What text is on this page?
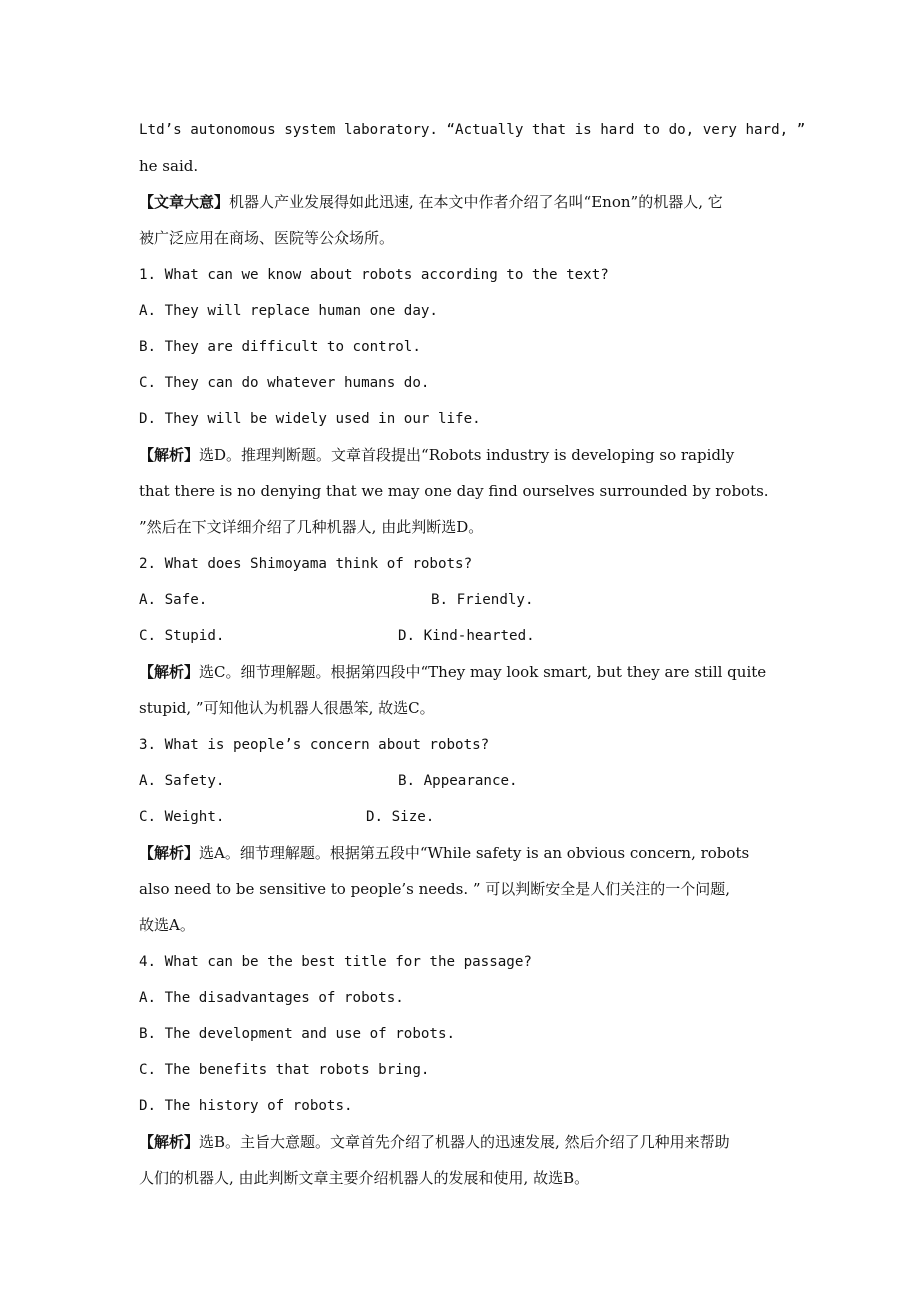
Ltd’s autonomous system laboratory. “Actually that is hard to do, very hard, ”
he said.
【文章大意】机器人产业发展得如此迅速, 在本文中作者介绍了名叫“Enon”的机器人, 它
被广泛应用在商场、医院等公众场所。
1. What can we know about robots according to the text?
A. They will replace human one day.
B. They are difficult to control.
C. They can do whatever humans do.
D. They will be widely used in our life.
【解析】选D。推理判断题。文章首段提出“Robots industry is developing so rapidly
that there is no denying that we may one day find ourselves surrounded by robots.
”然后在下文详细介绍了几种机器人, 由此判断选D。
2. What does Shimoyama think of robots?
A. Safe.	B. Friendly.
C. Stupid.	D. Kind-hearted.
【解析】选C。细节理解题。根据第四段中“They may look smart, but they are still quite
stupid, ”可知他认为机器人很愚笨, 故选C。
3. What is people’s concern about robots?
A. Safety.	B. Appearance.
C. Weight.	D. Size.
【解析】选A。细节理解题。根据第五段中“While safety is an obvious concern, robots
also need to be sensitive to people’s needs. ” 可以判断安全是人们关注的一个问题,
故选A。
4. What can be the best title for the passage?
A. The disadvantages of robots.
B. The development and use of robots.
C. The benefits that robots bring.
D. The history of robots.
【解析】选B。主旨大意题。文章首先介绍了机器人的迅速发展, 然后介绍了几种用来帮助
人们的机器人, 由此判断文章主要介绍机器人的发展和使用, 故选B。
